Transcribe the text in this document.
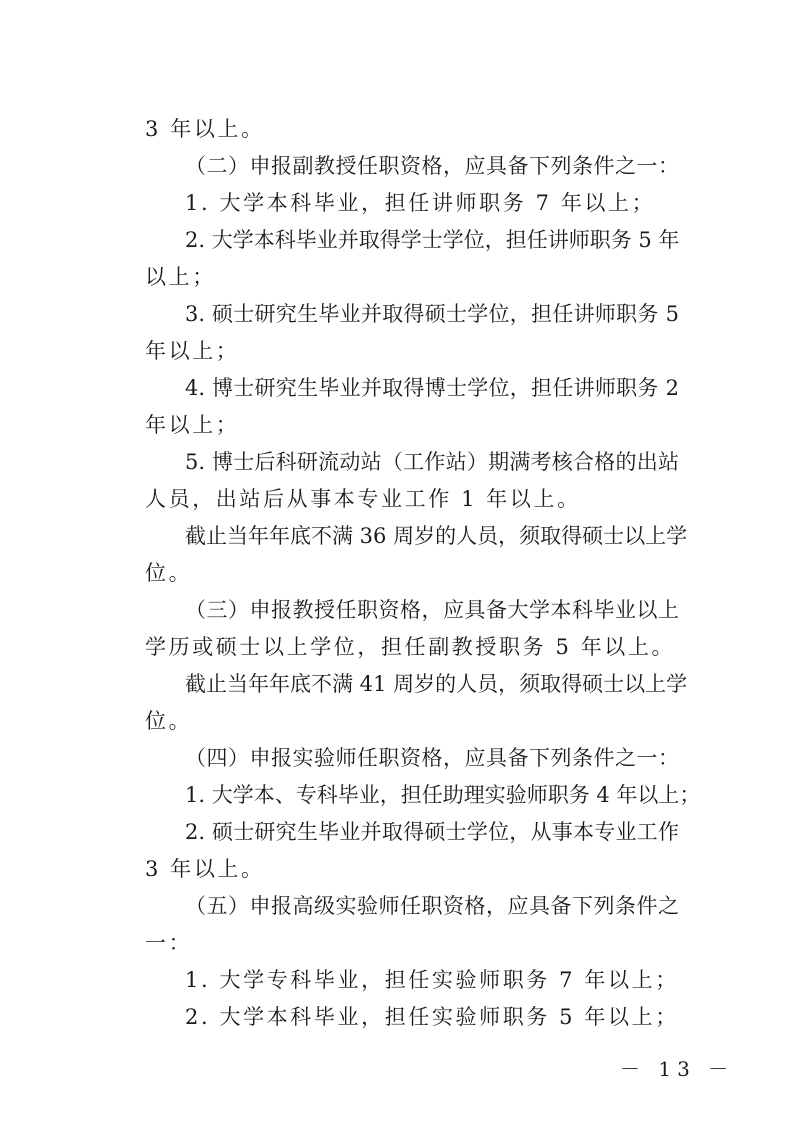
3 年以上。
（二）申报副教授任职资格，应具备下列条件之一：
1. 大学本科毕业，担任讲师职务 7 年以上；
2. 大学本科毕业并取得学士学位，担任讲师职务 5 年
以上；
3. 硕士研究生毕业并取得硕士学位，担任讲师职务 5
年以上；
4. 博士研究生毕业并取得博士学位，担任讲师职务 2
年以上；
5. 博士后科研流动站（工作站）期满考核合格的出站
人员，出站后从事本专业工作 1 年以上。
截止当年年底不满 36 周岁的人员，须取得硕士以上学
位。
（三）申报教授任职资格，应具备大学本科毕业以上
学历或硕士以上学位，担任副教授职务 5 年以上。
截止当年年底不满 41 周岁的人员，须取得硕士以上学
位。
（四）申报实验师任职资格，应具备下列条件之一：
1. 大学本、专科毕业，担任助理实验师职务 4 年以上；
2. 硕士研究生毕业并取得硕士学位，从事本专业工作
3 年以上。
（五）申报高级实验师任职资格，应具备下列条件之
一：
1. 大学专科毕业，担任实验师职务 7 年以上；
－ 13 －
2. 大学本科毕业，担任实验师职务 5 年以上；
